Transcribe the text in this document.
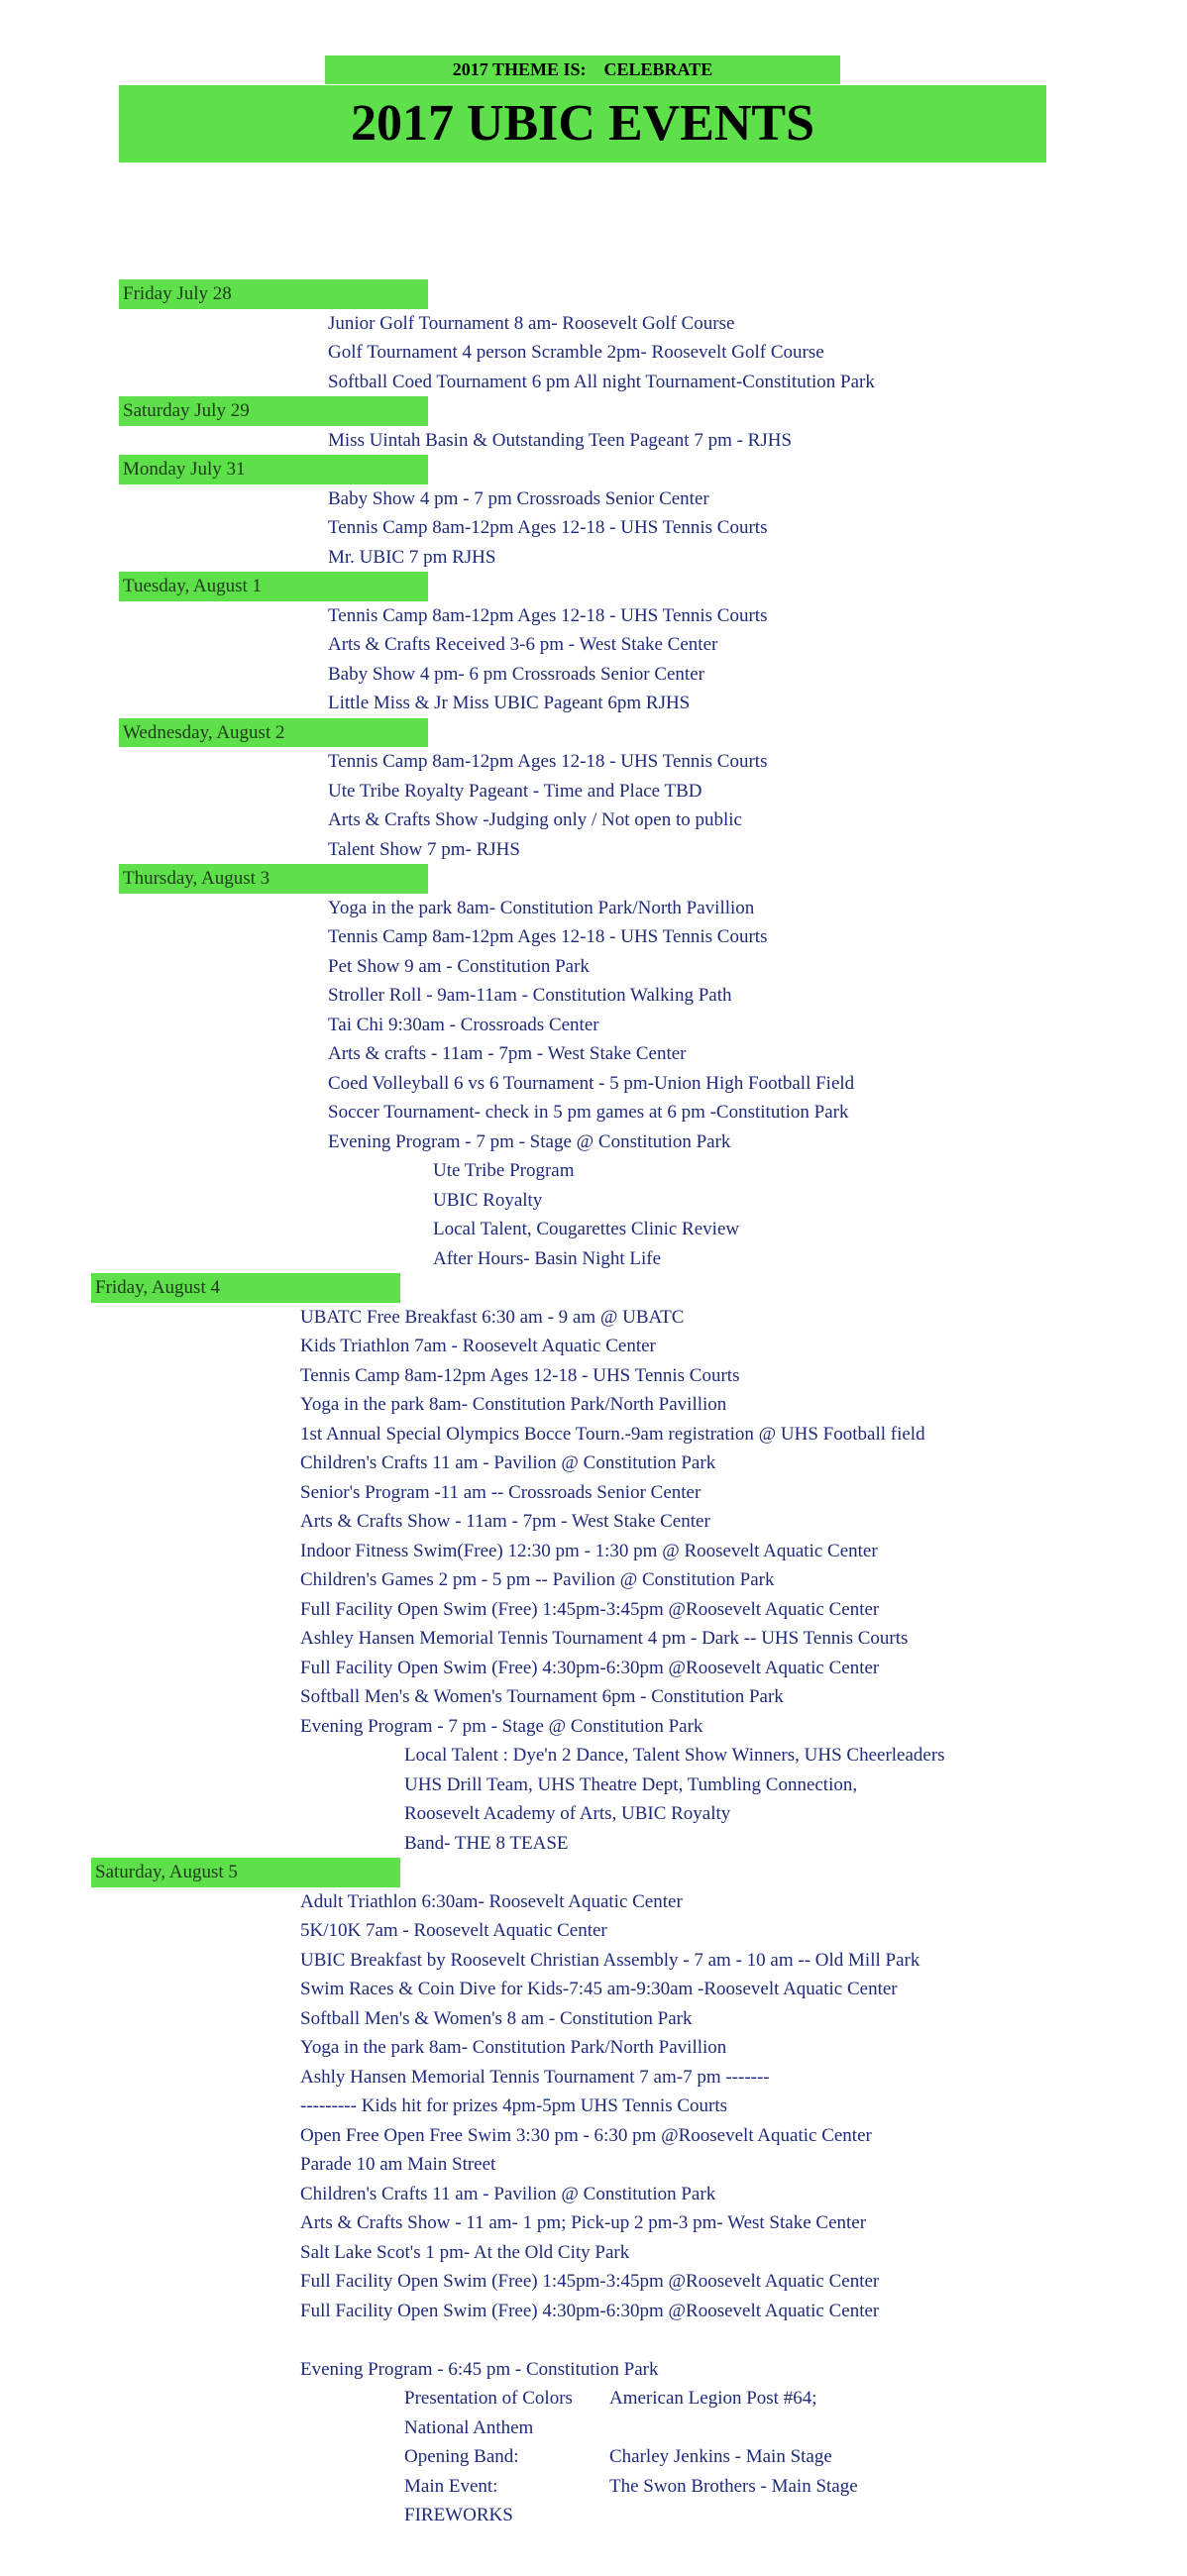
2017 THEME IS: CELEBRATE
2017 UBIC EVENTS
Friday July 28
Junior Golf Tournament 8 am- Roosevelt Golf Course
Golf Tournament 4 person Scramble 2pm- Roosevelt Golf Course
Softball Coed Tournament 6 pm All night Tournament-Constitution Park
Saturday July 29
Miss Uintah Basin & Outstanding Teen Pageant 7 pm - RJHS
Monday July 31
Baby Show 4 pm - 7 pm Crossroads Senior Center
Tennis Camp 8am-12pm Ages 12-18 - UHS Tennis Courts
Mr. UBIC 7 pm RJHS
Tuesday, August 1
Tennis Camp 8am-12pm Ages 12-18 - UHS Tennis Courts
Arts & Crafts Received 3-6 pm - West Stake Center
Baby Show 4 pm- 6 pm Crossroads Senior Center
Little Miss & Jr Miss UBIC Pageant 6pm RJHS
Wednesday, August 2
Tennis Camp 8am-12pm Ages 12-18 - UHS Tennis Courts
Ute Tribe Royalty Pageant - Time and Place TBD
Arts & Crafts Show -Judging only / Not open to public
Talent Show 7 pm- RJHS
Thursday, August 3
Yoga in the park 8am- Constitution Park/North Pavillion
Tennis Camp 8am-12pm Ages 12-18 - UHS Tennis Courts
Pet Show 9 am - Constitution Park
Stroller Roll - 9am-11am - Constitution Walking Path
Tai Chi 9:30am - Crossroads Center
Arts & crafts - 11am - 7pm - West Stake Center
Coed Volleyball 6 vs 6 Tournament - 5 pm-Union High Football Field
Soccer Tournament- check in 5 pm games at 6 pm -Constitution Park
Evening Program - 7 pm - Stage @ Constitution Park
Ute Tribe Program
UBIC Royalty
Local Talent, Cougarettes Clinic Review
After Hours- Basin Night Life
Friday, August 4
UBATC Free Breakfast 6:30 am - 9 am @ UBATC
Kids Triathlon 7am - Roosevelt Aquatic Center
Tennis Camp 8am-12pm Ages 12-18 - UHS Tennis Courts
Yoga in the park 8am- Constitution Park/North Pavillion
1st Annual Special Olympics Bocce Tourn.-9am registration @ UHS Football field
Children's Crafts 11 am - Pavilion @ Constitution Park
Senior's Program -11 am -- Crossroads Senior Center
Arts & Crafts Show - 11am - 7pm - West Stake Center
Indoor Fitness Swim(Free) 12:30 pm - 1:30 pm @ Roosevelt Aquatic Center
Children's Games 2 pm - 5 pm -- Pavilion @ Constitution Park
Full Facility Open Swim (Free) 1:45pm-3:45pm @Roosevelt Aquatic Center
Ashley Hansen Memorial Tennis Tournament 4 pm - Dark -- UHS Tennis Courts
Full Facility Open Swim (Free) 4:30pm-6:30pm @Roosevelt Aquatic Center
Softball Men's & Women's Tournament 6pm - Constitution Park
Evening Program - 7 pm - Stage @ Constitution Park
Local Talent : Dye'n 2 Dance, Talent Show Winners, UHS Cheerleaders
UHS Drill Team, UHS Theatre Dept, Tumbling Connection,
Roosevelt Academy of Arts, UBIC Royalty
Band- THE 8 TEASE
Saturday, August 5
Adult Triathlon 6:30am- Roosevelt Aquatic Center
5K/10K 7am - Roosevelt Aquatic Center
UBIC Breakfast by Roosevelt Christian Assembly - 7 am - 10 am -- Old Mill Park
Swim Races & Coin Dive for Kids-7:45 am-9:30am -Roosevelt Aquatic Center
Softball Men's & Women's 8 am - Constitution Park
Yoga in the park 8am- Constitution Park/North Pavillion
Ashly Hansen Memorial Tennis Tournament 7 am-7 pm -------
--------- Kids hit for prizes 4pm-5pm UHS Tennis Courts
Open Free Open Free Swim 3:30 pm - 6:30 pm @Roosevelt Aquatic Center
Parade 10 am Main Street
Children's Crafts 11 am - Pavilion @ Constitution Park
Arts & Crafts Show - 11 am- 1 pm; Pick-up 2 pm-3 pm- West Stake Center
Salt Lake Scot's 1 pm- At the Old City Park
Full Facility Open Swim (Free) 1:45pm-3:45pm @Roosevelt Aquatic Center
Full Facility Open Swim (Free) 4:30pm-6:30pm @Roosevelt Aquatic Center
Evening Program - 6:45 pm - Constitution Park
Presentation of Colors American Legion Post #64;
National Anthem
Opening Band:	Charley Jenkins - Main Stage
Main Event:	The Swon Brothers - Main Stage
FIREWORKS
